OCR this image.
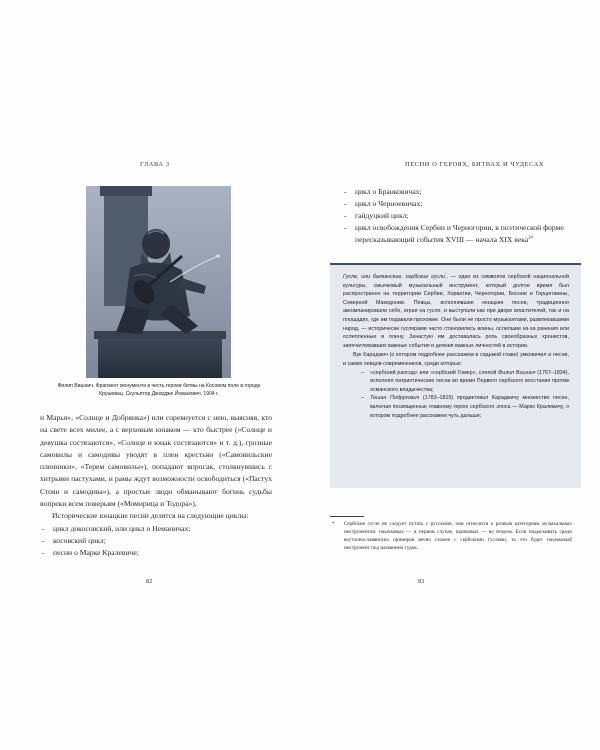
ГЛАВА 3
Филип Вишнич. Фрагмент монумента в честь героев битвы на Косовом поле в городе Крушевац. Скульптор Джордже Йованович. 1904 г.

и Марья», «Солнце и Добрянка») или соревнуется с нею, выясняя, кто на свете всех милее, а с верховым юнаком — кто быстрее («Солнце и девушка состязаются», «Солнце и юнак состязаются» и т. д.), грозные самовилы и самодивы уводят в плен крестьян («Самовильские пленники», «Терем самовилы»), попадают впросак, столкнувшись с хитрыми пастухами, и рамы ждут возможности освободиться («Пастух Стоян и самодива»), а простые люди обманывают богинь судьбы вопреки всем поверьям («Момирица и Тодора»).

Исторические юнацкие песни делятся на следующие циклы:

- цикл докосовский, или цикл о Неманичах;
- косовский цикл;
- песни о Марке Кралевиче;
82
ПЕСНИ О ГЕРОЯХ, БИТВАХ И ЧУДЕСАХ
- цикл о Бранковичах;
- цикл о Черноевичах;
- гайдуцкий цикл;
- цикл освобождения Сербии и Черногории, в поэтической форме пересказывающий события XVIII — начала XIX века$^{28}$

Гусле, или балканские, сербские гусли*, — один из символов сербской национальной культуры, смычковый музыкальный инструмент, который долгое время был распространен на территории Сербии, Хорватии, Черногории, Боснии и Герцеговины, Северной Македонии. Певцы, исполнявшие юнацкие песни, традиционно аккомпанировали себе, играя на гусле, и выступали как при дворе властителей, так и на площадях, где им подавали прохожие. Они были не просто музыкантами, развлекавшими народ, — исторически гуслярами часто становились воины, ослепшие из-за ранения или ослепленные в плену. Зачастую им доставалась роль своеобразных хронистов, запечатлевавших важные события и деяния важных личностей в истории.

Вук Караджич (о котором подробнее расскажем в седьмой главе) умковичил и песни, и самих певцов-современников, среди которых:

– «сербский рапсод» или «сербский Гомер», слепой Филип Вишнич (1767–1834), исполнял патриотические песни во время Первого сербского восстания против османского владычества;
– Тешан Подругович (1783–1815) продиктовал Караджичу множество песен, включая посвященные главному герою сербского эпоса — Марко Кралевичу, о котором подробнее расскажем чуть дальше;
*	Сербские гусле не следует путать с русскими, они относятся к разным категориям музыкальных инструментов: смычковых — в первом случае, щипковых — во втором. Если подыскивать среди восточнославянских примеров вечно схожее с сербскими гуслями, то это будет смычковый инструмент под названием гудок.
83
